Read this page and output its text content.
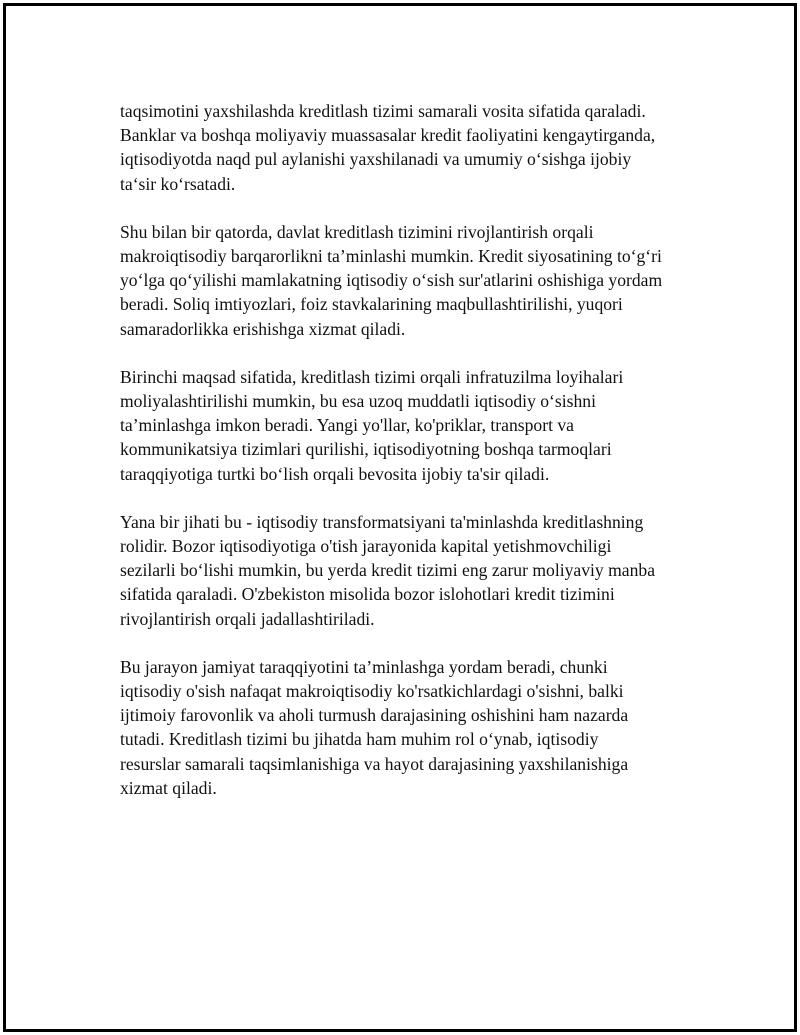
taqsimotini yaxshilashda kreditlash tizimi samarali vosita sifatida qaraladi.
Banklar va boshqa moliyaviy muassasalar kredit faoliyatini kengaytirganda,
iqtisodiyotda naqd pul aylanishi yaxshilanadi va umumiy o‘sishga ijobiy
ta‘sir ko‘rsatadi.

Shu bilan bir qatorda, davlat kreditlash tizimini rivojlantirish orqali
makroiqtisodiy barqarorlikni ta’minlashi mumkin. Kredit siyosatining to‘g‘ri
yo‘lga qo‘yilishi mamlakatning iqtisodiy o‘sish sur'atlarini oshishiga yordam
beradi. Soliq imtiyozlari, foiz stavkalarining maqbullashtirilishi, yuqori
samaradorlikka erishishga xizmat qiladi.

Birinchi maqsad sifatida, kreditlash tizimi orqali infratuzilma loyihalari
moliyalashtirilishi mumkin, bu esa uzoq muddatli iqtisodiy o‘sishni
ta’minlashga imkon beradi. Yangi yo'llar, ko'priklar, transport va
kommunikatsiya tizimlari qurilishi, iqtisodiyotning boshqa tarmoqlari
taraqqiyotiga turtki bo‘lish orqali bevosita ijobiy ta'sir qiladi.

Yana bir jihati bu - iqtisodiy transformatsiyani ta'minlashda kreditlashning
rolidir. Bozor iqtisodiyotiga o'tish jarayonida kapital yetishmovchiligi
sezilarli bo‘lishi mumkin, bu yerda kredit tizimi eng zarur moliyaviy manba
sifatida qaraladi. O'zbekiston misolida bozor islohotlari kredit tizimini
rivojlantirish orqali jadallashtiriladi.

Bu jarayon jamiyat taraqqiyotini ta’minlashga yordam beradi, chunki
iqtisodiy o'sish nafaqat makroiqtisodiy ko'rsatkichlardagi o'sishni, balki
ijtimoiy farovonlik va aholi turmush darajasining oshishini ham nazarda
tutadi. Kreditlash tizimi bu jihatda ham muhim rol o‘ynab, iqtisodiy
resurslar samarali taqsimlanishiga va hayot darajasining yaxshilanishiga
xizmat qiladi.
